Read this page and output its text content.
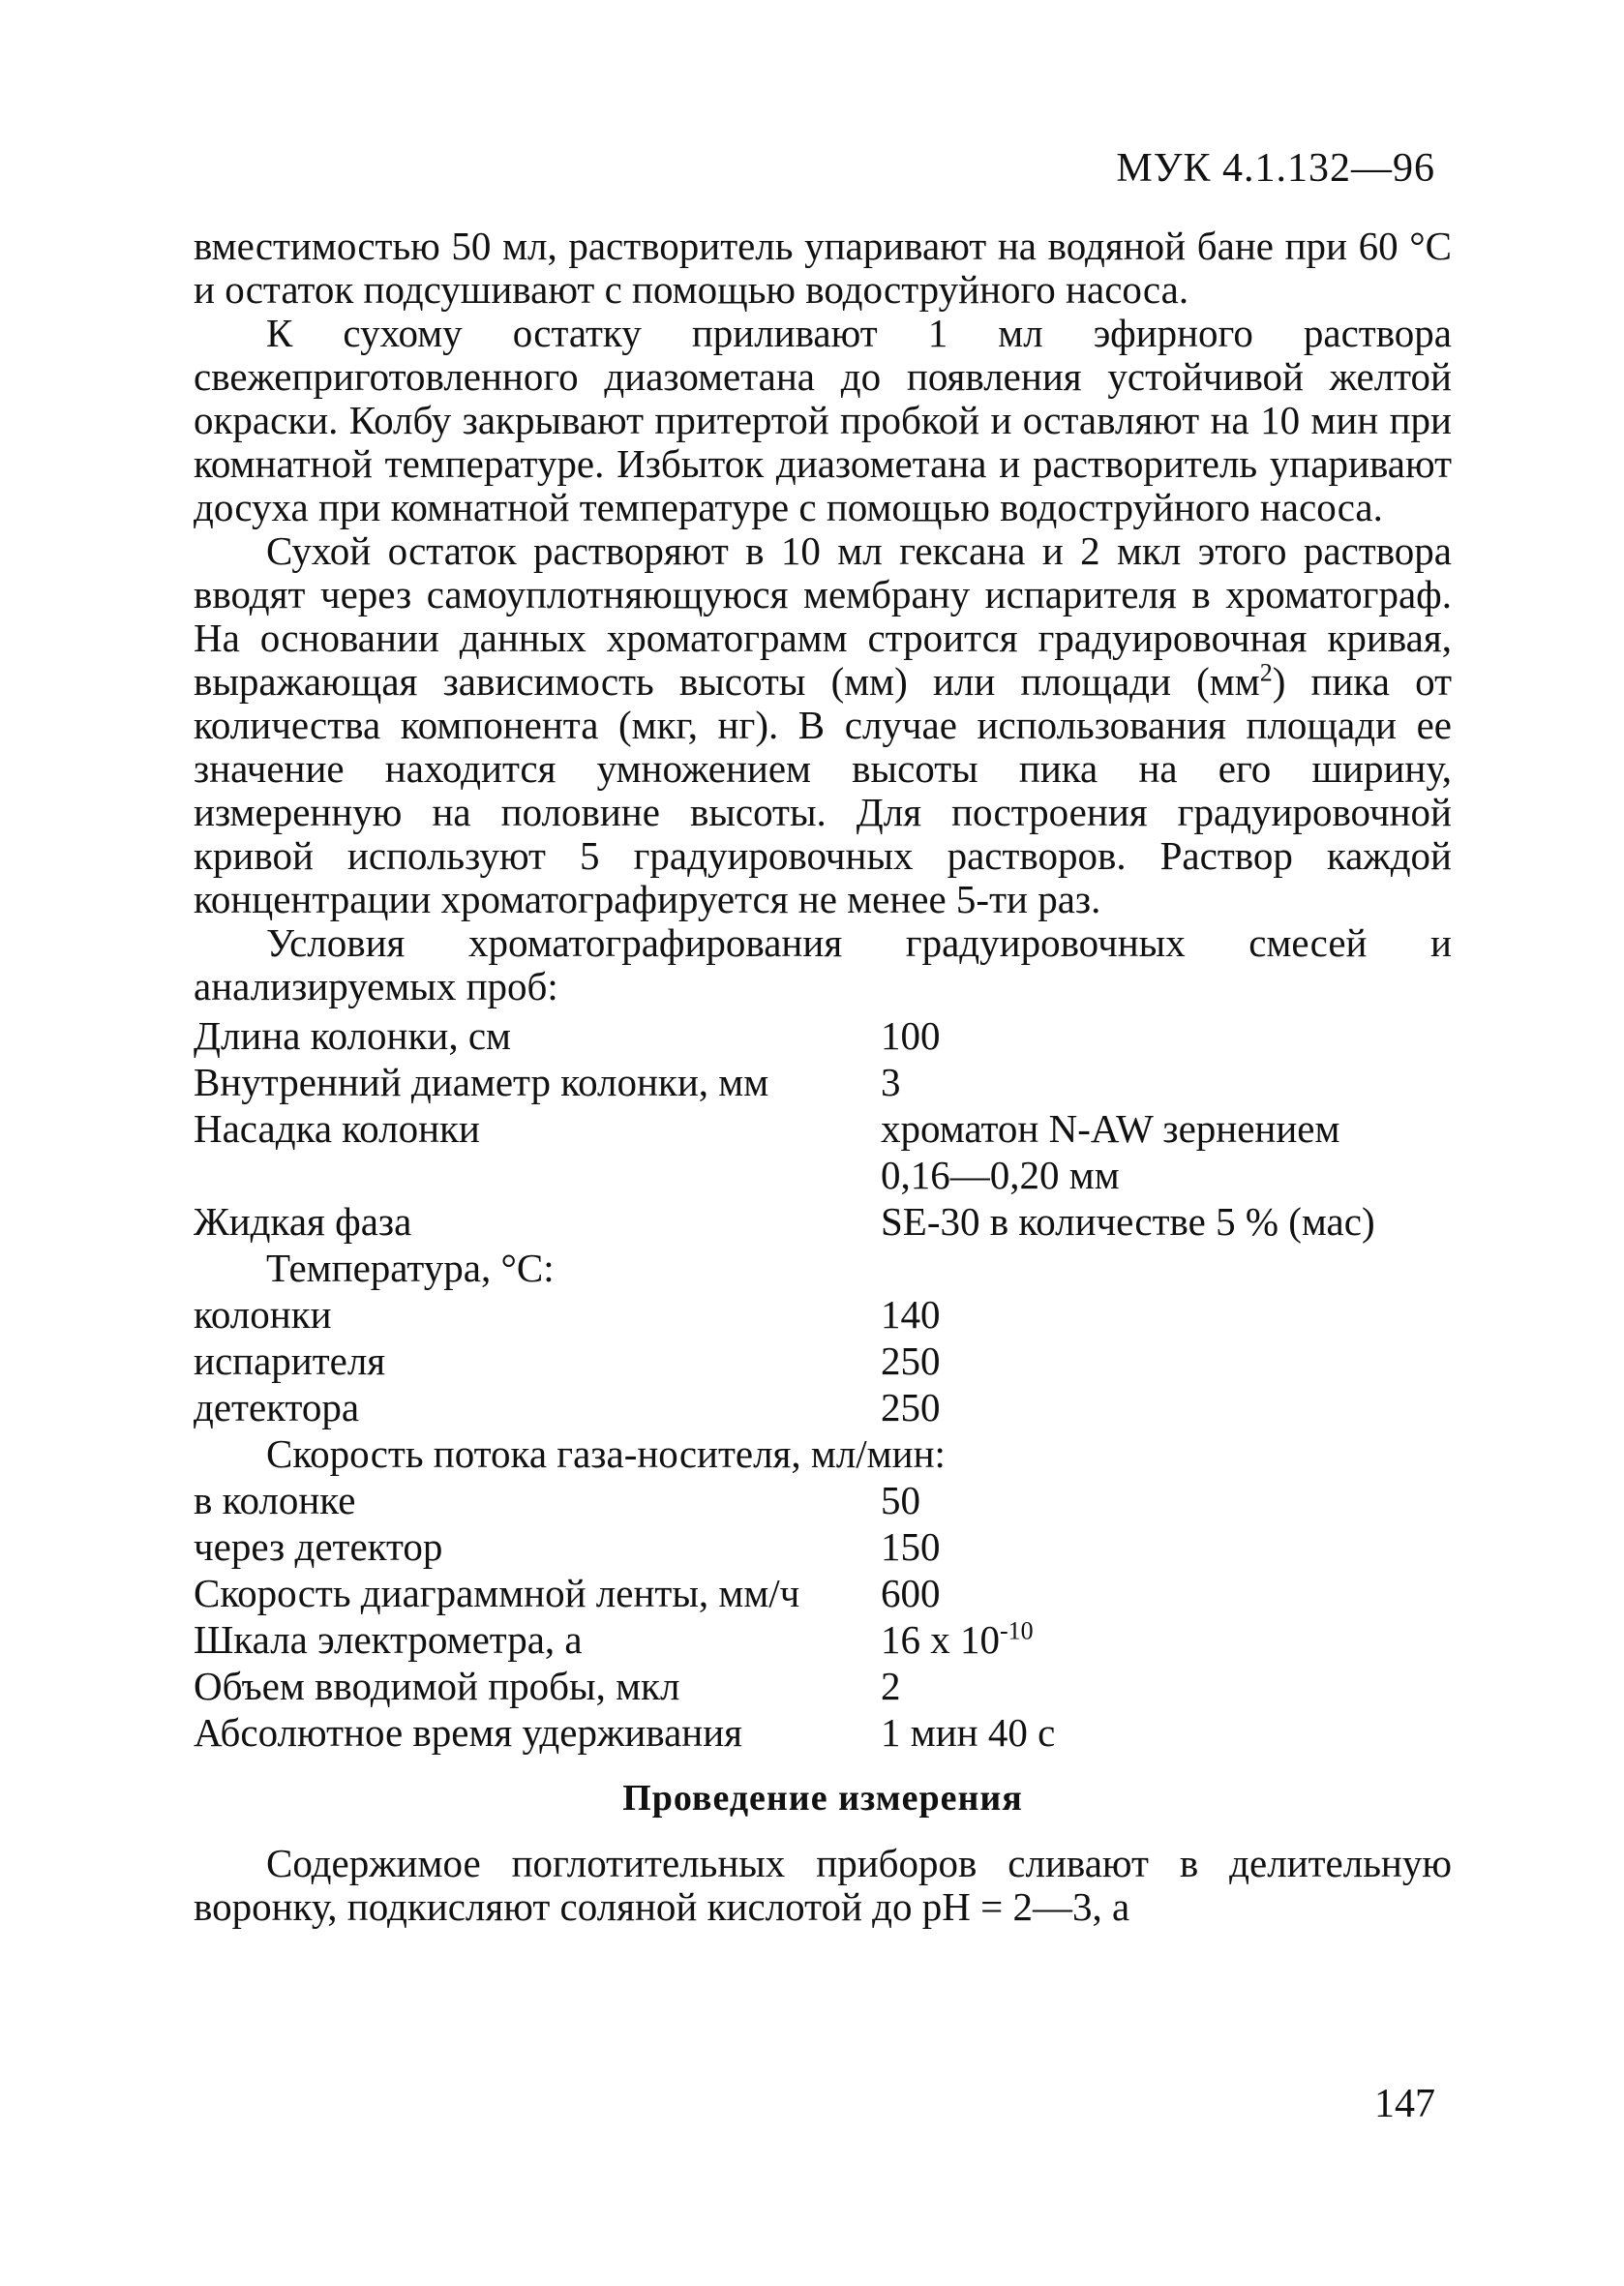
МУК 4.1.132—96

вместимостью 50 мл, растворитель упаривают на водяной бане при 60 °С и остаток подсушивают с помощью водоструйного насоса.

К сухому остатку приливают 1 мл эфирного раствора свежеприготовленного диазометана до появления устойчивой желтой окраски. Колбу закрывают притертой пробкой и оставляют на 10 мин при комнатной температуре. Избыток диазометана и растворитель упаривают досуха при комнатной температуре с помощью водоструйного насоса.

Сухой остаток растворяют в 10 мл гексана и 2 мкл этого раствора вводят через самоуплотняющуюся мембрану испарителя в хроматограф. На основании данных хроматограмм строится градуировочная кривая, выражающая зависимость высоты (мм) или площади $(мм^2)$ пика от количества компонента (мкг, нг). В случае использования площади ее значение находится умножением высоты пика на его ширину, измеренную на половине высоты. Для построения градуировочной кривой используют 5 градуировочных растворов. Раствор каждой концентрации хроматографируется не менее 5-ти раз.

Условия хроматографирования градуировочных смесей и анализируемых проб:

Длина колонки, см	100
Внутренний диаметр колонки, мм	3
Насадка колонки	хроматон N-AW зернением
0,16—0,20 мм

Жидкая фаза	SE-30 в количестве 5 % (мас)
Температура, °С:	
колонки	140
испарителя	250
детектора	250
Скорость потока газа-носителя, мл/мин:	
в колонке	50
через детектор	150
Скорость диаграммной ленты, мм/ч	600
Шкала электрометра, а	16 x $10^{-10}$
Объем вводимой пробы, мкл	2
Абсолютное время удерживания	1 мин 40 с
Проведение измерения

Содержимое поглотительных приборов сливают в делительную воронку, подкисляют соляной кислотой до pH = 2—3, а

147
